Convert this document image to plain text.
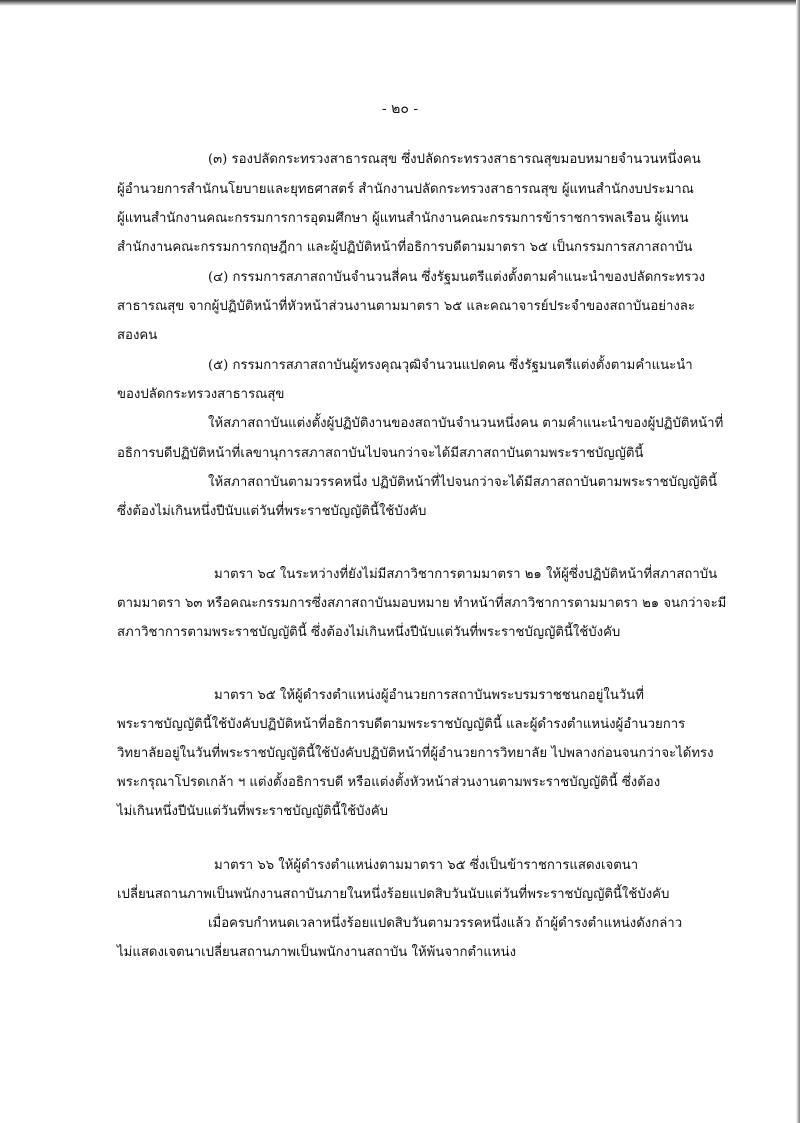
- ๒๐ -
(๓) รองปลัดกระทรวงสาธารณสุข ซึ่งปลัดกระทรวงสาธารณสุขมอบหมายจำนวนหนึ่งคน
ผู้อำนวยการสำนักนโยบายและยุทธศาสตร์ สำนักงานปลัดกระทรวงสาธารณสุข ผู้แทนสำนักงบประมาณ
ผู้แทนสำนักงานคณะกรรมการการอุดมศึกษา ผู้แทนสำนักงานคณะกรรมการข้าราชการพลเรือน ผู้แทน
สำนักงานคณะกรรมการกฤษฎีกา และผู้ปฏิบัติหน้าที่อธิการบดีตามมาตรา ๖๕ เป็นกรรมการสภาสถาบัน
(๔) กรรมการสภาสถาบันจำนวนสี่คน ซึ่งรัฐมนตรีแต่งตั้งตามคำแนะนำของปลัดกระทรวง
สาธารณสุข จากผู้ปฏิบัติหน้าที่หัวหน้าส่วนงานตามมาตรา ๖๕ และคณาจารย์ประจำของสถาบันอย่างละ
สองคน
(๕) กรรมการสภาสถาบันผู้ทรงคุณวุฒิจำนวนแปดคน ซึ่งรัฐมนตรีแต่งตั้งตามคำแนะนำ
ของปลัดกระทรวงสาธารณสุข
ให้สภาสถาบันแต่งตั้งผู้ปฏิบัติงานของสถาบันจำนวนหนึ่งคน ตามคำแนะนำของผู้ปฏิบัติหน้าที่
อธิการบดีปฏิบัติหน้าที่เลขานุการสภาสถาบันไปจนกว่าจะได้มีสภาสถาบันตามพระราชบัญญัตินี้
ให้สภาสถาบันตามวรรคหนึ่ง ปฏิบัติหน้าที่ไปจนกว่าจะได้มีสภาสถาบันตามพระราชบัญญัตินี้
ซึ่งต้องไม่เกินหนึ่งปีนับแต่วันที่พระราชบัญญัตินี้ใช้บังคับ
มาตรา ๖๔ ในระหว่างที่ยังไม่มีสภาวิชาการตามมาตรา ๒๑ ให้ผู้ซึ่งปฏิบัติหน้าที่สภาสถาบัน
ตามมาตรา ๖๓ หรือคณะกรรมการซึ่งสภาสถาบันมอบหมาย ทำหน้าที่สภาวิชาการตามมาตรา ๒๑ จนกว่าจะมี
สภาวิชาการตามพระราชบัญญัตินี้ ซึ่งต้องไม่เกินหนึ่งปีนับแต่วันที่พระราชบัญญัตินี้ใช้บังคับ
มาตรา ๖๕ ให้ผู้ดำรงตำแหน่งผู้อำนวยการสถาบันพระบรมราชชนกอยู่ในวันที่
พระราชบัญญัตินี้ใช้บังคับปฏิบัติหน้าที่อธิการบดีตามพระราชบัญญัตินี้ และผู้ดำรงตำแหน่งผู้อำนวยการ
วิทยาลัยอยู่ในวันที่พระราชบัญญัตินี้ใช้บังคับปฏิบัติหน้าที่ผู้อำนวยการวิทยาลัย ไปพลางก่อนจนกว่าจะได้ทรง
พระกรุณาโปรดเกล้า ฯ แต่งตั้งอธิการบดี หรือแต่งตั้งหัวหน้าส่วนงานตามพระราชบัญญัตินี้ ซึ่งต้อง
ไม่เกินหนึ่งปีนับแต่วันที่พระราชบัญญัตินี้ใช้บังคับ
มาตรา ๖๖ ให้ผู้ดำรงตำแหน่งตามมาตรา ๖๕ ซึ่งเป็นข้าราชการแสดงเจตนา
เปลี่ยนสถานภาพเป็นพนักงานสถาบันภายในหนึ่งร้อยแปดสิบวันนับแต่วันที่พระราชบัญญัตินี้ใช้บังคับ
เมื่อครบกำหนดเวลาหนึ่งร้อยแปดสิบวันตามวรรคหนึ่งแล้ว ถ้าผู้ดำรงตำแหน่งดังกล่าว
ไม่แสดงเจตนาเปลี่ยนสถานภาพเป็นพนักงานสถาบัน ให้พ้นจากตำแหน่ง
